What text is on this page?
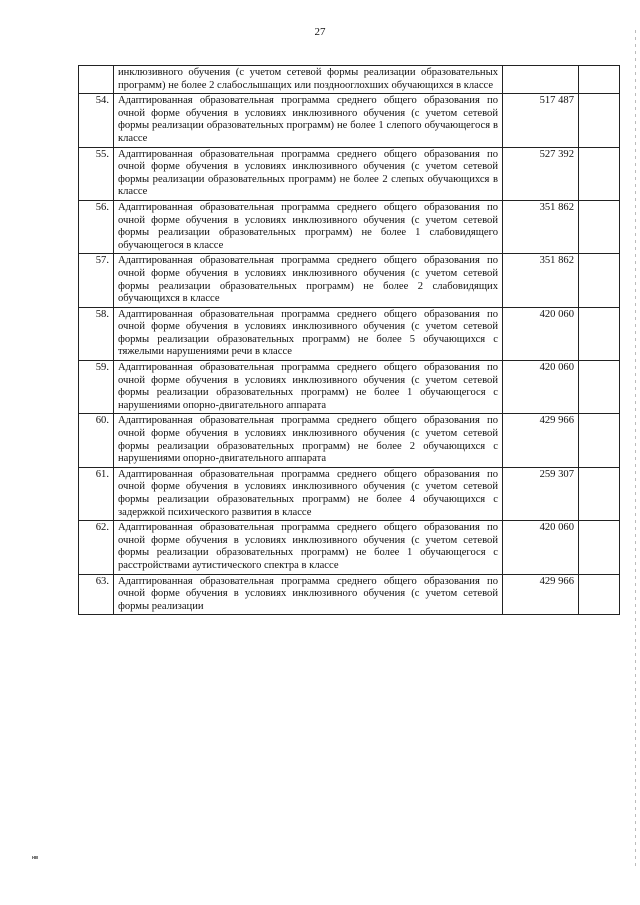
27
	инклюзивного обучения (с учетом сетевой формы реализации образовательных программ) не более 2 слабослышащих или позднооглохших обучающихся в классе		
54.	Адаптированная образовательная программа среднего общего образования по очной форме обучения в условиях инклюзивного обучения (с учетом сетевой формы реализации образовательных программ) не более 1 слепого обучающегося в классе	517 487	
55.	Адаптированная образовательная программа среднего общего образования по очной форме обучения в условиях инклюзивного обучения (с учетом сетевой формы реализации образовательных программ) не более 2 слепых обучающихся в классе	527 392	
56.	Адаптированная образовательная программа среднего общего образования по очной форме обучения в условиях инклюзивного обучения (с учетом сетевой формы реализации образовательных программ) не более 1 слабовидящего обучающегося в классе	351 862	
57.	Адаптированная образовательная программа среднего общего образования по очной форме обучения в условиях инклюзивного обучения (с учетом сетевой формы реализации образовательных программ) не более 2 слабовидящих обучающихся в классе	351 862	
58.	Адаптированная образовательная программа среднего общего образования по очной форме обучения в условиях инклюзивного обучения (с учетом сетевой формы реализации образовательных программ) не более 5 обучающихся с тяжелыми нарушениями речи в классе	420 060	
59.	Адаптированная образовательная программа среднего общего образования по очной форме обучения в условиях инклюзивного обучения (с учетом сетевой формы реализации образовательных программ) не более 1 обучающегося с нарушениями опорно-двигательного аппарата	420 060	
60.	Адаптированная образовательная программа среднего общего образования по очной форме обучения в условиях инклюзивного обучения (с учетом сетевой формы реализации образовательных программ) не более 2 обучающихся с нарушениями опорно-двигательного аппарата	429 966	
61.	Адаптированная образовательная программа среднего общего образования по очной форме обучения в условиях инклюзивного обучения (с учетом сетевой формы реализации образовательных программ) не более 4 обучающихся с задержкой психического развития в классе	259 307	
62.	Адаптированная образовательная программа среднего общего образования по очной форме обучения в условиях инклюзивного обучения (с учетом сетевой формы реализации образовательных программ) не более 1 обучающегося с расстройствами аутистического спектра в классе	420 060	
63.	Адаптированная образовательная программа среднего общего образования по очной форме обучения в условиях инклюзивного обучения (с учетом сетевой формы реализации	429 966	
нв
